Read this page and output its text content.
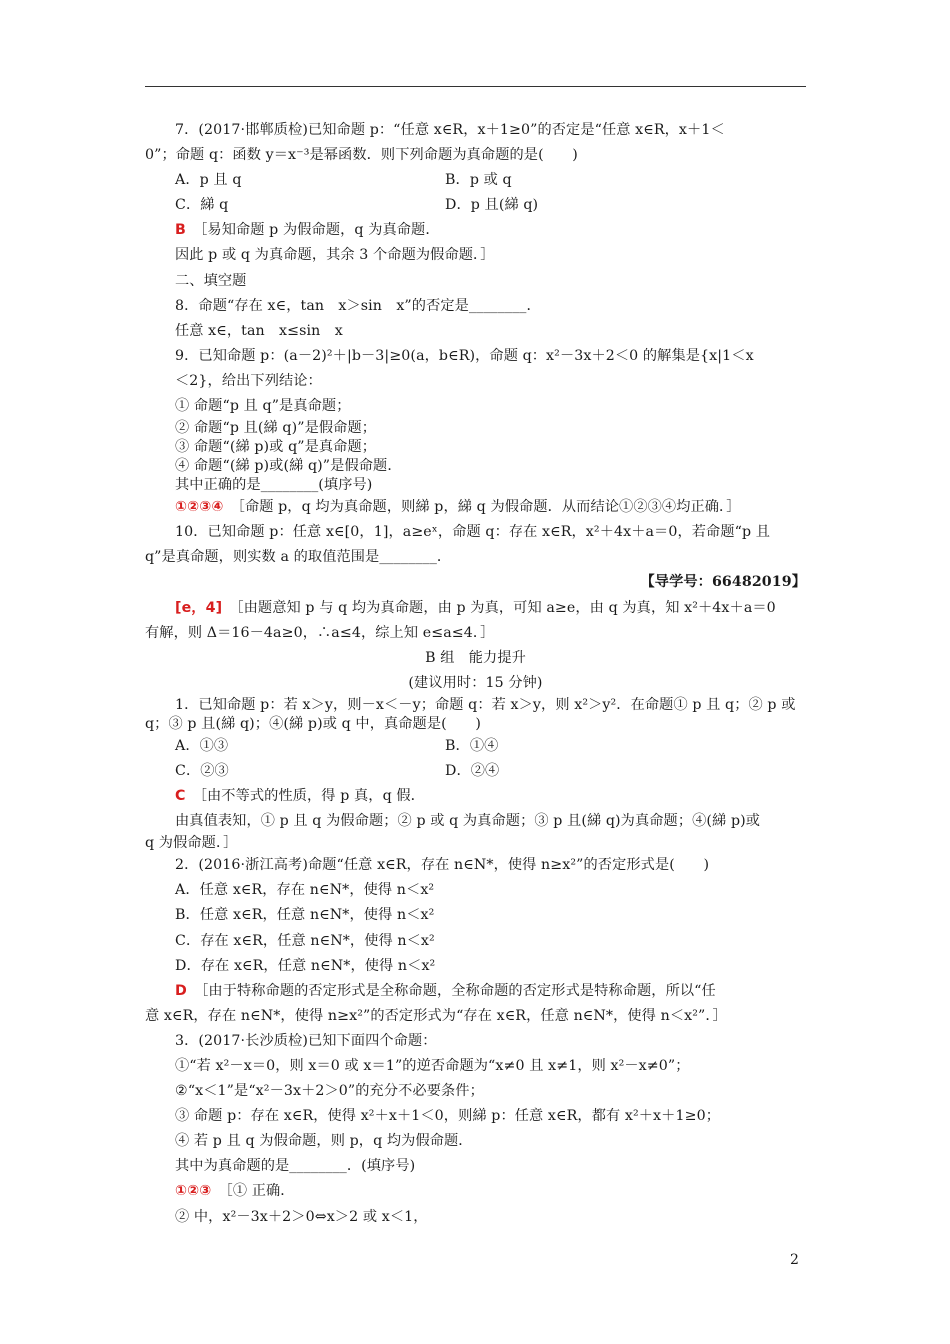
7．(2017·邯郸质检)已知命题 p：“任意 x∈R，x＋1≥0”的否定是“任意 x∈R，x＋1＜
0”；命题 q：函数 y＝x⁻³是幂函数．则下列命题为真命题的是(　　)
A．p 且 q	B．p 或 q
C．綈 q	D．p 且(綈 q)
B　 ［易知命题 p 为假命题，q 为真命题．
因此 p 或 q 为真命题，其余 3 个命题为假命题．］
二、填空题
8．命题“存在 x∈，tan　x＞sin　x”的否定是________．
任意 x∈，tan　x≤sin　x
9．已知命题 p：(a－2)²＋|b－3|≥0(a，b∈R)，命题 q：x²－3x＋2＜0 的解集是{x|1＜x
＜2}，给出下列结论：
① 命题“p 且 q”是真命题；
② 命题“p 且(綈 q)”是假命题；
③ 命题“(綈 p)或 q”是真命题；
④ 命题“(綈 p)或(綈 q)”是假命题．
其中正确的是________(填序号)
①②③④　 ［命题 p，q 均为真命题，则綈 p，綈 q 为假命题．从而结论①②③④均正确．］
10．已知命题 p：任意 x∈[0，1]，a≥eˣ，命题 q：存在 x∈R，x²＋4x＋a＝0，若命题“p 且
q”是真命题，则实数 a 的取值范围是________．
【导学号：66482019】
[e，4]　 ［由题意知 p 与 q 均为真命题，由 p 为真，可知 a≥e，由 q 为真，知 x²＋4x＋a＝0
有解，则 Δ＝16－4a≥0，∴a≤4，综上知 e≤a≤4．］
B 组　能力提升
(建议用时：15 分钟)
1．已知命题 p：若 x＞y，则－x＜－y；命题 q：若 x＞y，则 x²＞y²．在命题① p 且 q；② p 或
q；③ p 且(綈 q)；④(綈 p)或 q 中，真命题是(　　)
A．①③	B．①④
C．②③	D．②④
C　 ［由不等式的性质，得 p 真，q 假．
由真值表知，① p 且 q 为假命题；② p 或 q 为真命题；③ p 且(綈 q)为真命题；④(綈 p)或
q 为假命题．］
2．(2016·浙江高考)命题“任意 x∈R，存在 n∈N*，使得 n≥x²”的否定形式是(　　)
A．任意 x∈R，存在 n∈N*，使得 n＜x²
B．任意 x∈R，任意 n∈N*，使得 n＜x²
C．存在 x∈R，任意 n∈N*，使得 n＜x²
D．存在 x∈R，任意 n∈N*，使得 n＜x²
D　 ［由于特称命题的否定形式是全称命题，全称命题的否定形式是特称命题，所以“任
意 x∈R，存在 n∈N*，使得 n≥x²”的否定形式为“存在 x∈R，任意 n∈N*，使得 n＜x²”．］
3．(2017·长沙质检)已知下面四个命题：
①“若 x²－x＝0，则 x＝0 或 x＝1”的逆否命题为“x≠0 且 x≠1，则 x²－x≠0”；
②“x＜1”是“x²－3x＋2＞0”的充分不必要条件；
③ 命题 p：存在 x∈R，使得 x²＋x＋1＜0，则綈 p：任意 x∈R，都有 x²＋x＋1≥0；
④ 若 p 且 q 为假命题，则 p，q 均为假命题．
其中为真命题的是________．(填序号)
①②③　 ［① 正确．
② 中，x²－3x＋2＞0⇔x＞2 或 x＜1，
2
